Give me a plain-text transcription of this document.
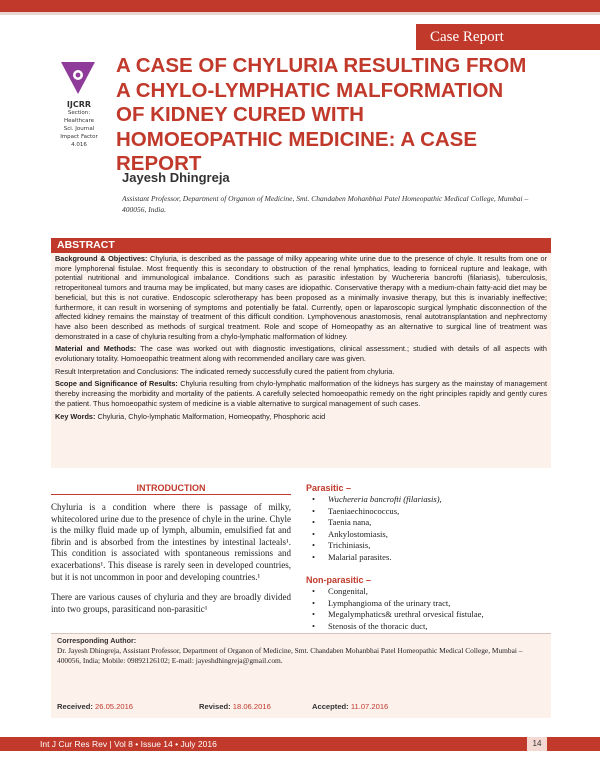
Case Report
IJCRR
Section: Healthcare
Sci. Journal
Impact Factor
4.016
A CASE OF CHYLURIA RESULTING FROM A CHYLO-LYMPHATIC MALFORMATION OF KIDNEY CURED WITH HOMOEOPATHIC MEDICINE: A CASE REPORT
Jayesh Dhingreja
Assistant Professor, Department of Organon of Medicine, Smt. Chandaben Mohanbhai Patel Homeopathic Medical College, Mumbai – 400056, India.
ABSTRACT

Background & Objectives: Chyluria, is described as the passage of milky appearing white urine due to the presence of chyle. It results from one or more lymphorenal fistulae. Most frequently this is secondary to obstruction of the renal lymphatics, leading to forniceal rupture and leakage, with potential nutritional and immunological imbalance. Conditions such as parasitic infestation by Wuchereria bancrofti (filariasis), tuberculosis, retroperitoneal tumors and trauma may be implicated, but many cases are idiopathic. Conservative therapy with a medium-chain fatty-acid diet may be beneficial, but this is not curative. Endoscopic sclerotherapy has been proposed as a minimally invasive therapy, but this is invariably ineffective; furthermore, it can result in worsening of symptoms and potentially be fatal. Currently, open or laparoscopic surgical lymphatic disconnection of the affected kidney remains the mainstay of treatment of this difficult condition. Lymphovenous anastomosis, renal autotransplantation and nephrectomy have also been described as methods of surgical treatment. Role and scope of Homeopathy as an alternative to surgical line of treatment was demonstrated in a case of chyluria resulting from a chylo-lymphatic malformation of kidney.

Material and Methods: The case was worked out with diagnostic investigations, clinical assessment.; studied with details of all aspects with evolutionary totality. Homoeopathic treatment along with recommended ancillary care was given.

Result Interpretation and Conclusions: The indicated remedy successfully cured the patient from chyluria.

Scope and Significance of Results: Chyluria resulting from chylo-lymphatic malformation of the kidneys has surgery as the mainstay of management thereby increasing the morbidity and mortality of the patients. A carefully selected homoeopathic remedy on the right principles rapidly and gently cures the patient. Thus homoeopathic system of medicine is a viable alternative to surgical management of such cases.

Key Words: Chyluria, Chylo-lymphatic Malformation, Homeopathy, Phosphoric acid

INTRODUCTION

Chyluria is a condition where there is passage of milky, whitecolored urine due to the presence of chyle in the urine. Chyle is the milky fluid made up of lymph, albumin, emulsified fat and fibrin and is absorbed from the intestines by intestinal lacteals¹. This condition is associated with spontaneous remissions and exacerbations¹. This disease is rarely seen in developed countries, but it is not uncommon in poor and developing countries.¹

There are various causes of chyluria and they are broadly divided into two groups, parasiticand non-parasitic¹

Parasitic –
• Wuchereria bancrofti (filariasis),
• Taeniaechinococcus,
• Taenia nana,
• Ankylostomiasis,
• Trichiniasis,
• Malarial parasites.
Non-parasitic –
• Congenital,
• Lymphangioma of the urinary tract,
• Megalymphatics& urethral orvesical fistulae,
• Stenosis of the thoracic duct,
•
Corresponding Author:
Dr. Jayesh Dhingreja, Assistant Professor, Department of Organon of Medicine, Smt. Chandaben Mohanbhai Patel Homeopathic Medical College, Mumbai – 400056, India; Mobile: 09892126102; E-mail: jayeshdhingreja@gmail.com.
Received: 26.05.2016	Revised: 18.06.2016	Accepted: 11.07.2016
Int J Cur Res Rev | Vol 8 • Issue 14 • July 2016	14
